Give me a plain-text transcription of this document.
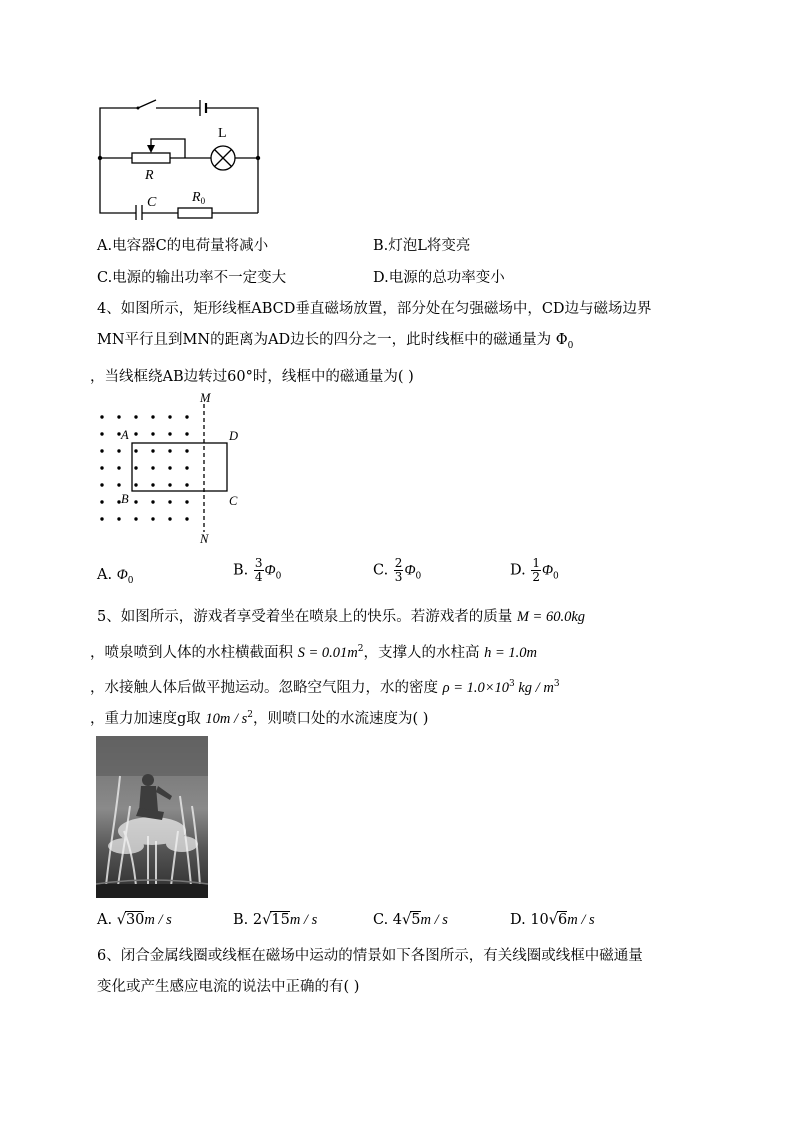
L
R
C	$R_0$
A.电容器C的电荷量将减小	B.灯泡L将变亮
C.电源的输出功率不一定变大	D.电源的总功率变小
4、如图所示，矩形线框ABCD垂直磁场放置，部分处在匀强磁场中，CD边与磁场边界
MN平行且到MN的距离为AD边长的四分之一，此时线框中的磁通量为 $\Phi_0$
，当线框绕AB边转过60°时，线框中的磁通量为( )
M
N
A
B	C
D
A. $\Phi_0$
B. $\frac{3}{4} \Phi_0$	C. $\frac{2}{3} \Phi_0$	D. $\frac{1}{2} \Phi_0$
5、如图所示，游戏者享受着坐在喷泉上的快乐。若游戏者的质量 M = 60.0kg
，喷泉喷到人体的水柱横截面积 $S = 0.01m^2$，支撑人的水柱高 h = 1.0m
，水接触人体后做平抛运动。忽略空气阻力，水的密度 $\rho = 1.0\times 10^3$ kg / $m^3$
，重力加速度g取 $10m / s^2$，则喷口处的水流速度为( )
A. √30m / s	B. 2√15m / s	C. 4√5m / s	D. 10√6m / s
6、闭合金属线圈或线框在磁场中运动的情景如下各图所示，有关线圈或线框中磁通量
变化或产生感应电流的说法中正确的有( )
